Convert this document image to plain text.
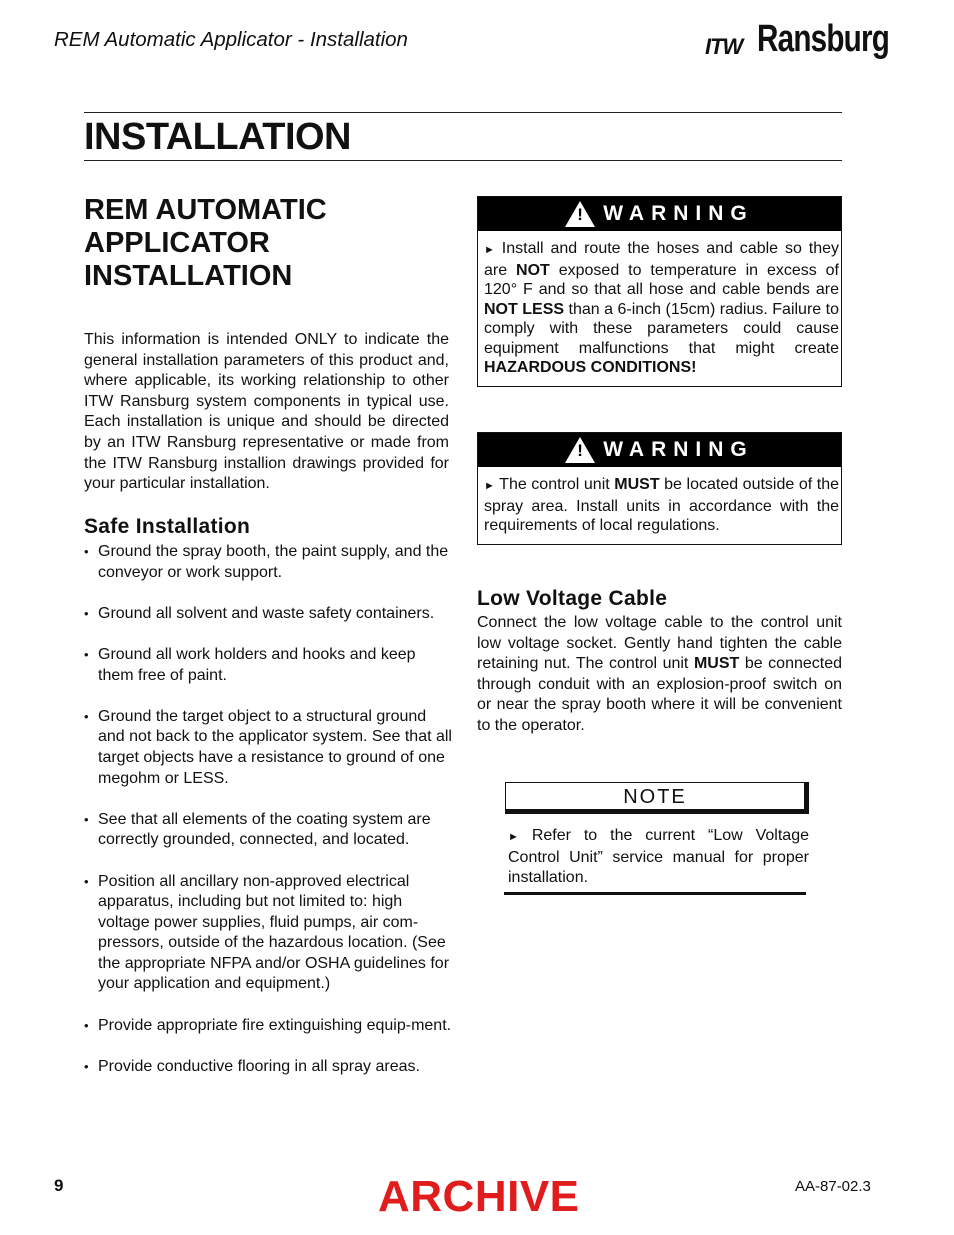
REM Automatic Applicator - Installation	ITW Ransburg
INSTALLATION
REM AUTOMATIC APPLICATOR INSTALLATION
This information is intended ONLY to indicate the general installation parameters of this product and, where applicable, its working relationship to other ITW Ransburg system components in typical use. Each installation is unique and should be directed by an ITW Ransburg representative or made from the ITW Ransburg installion drawings provided for your particular installation.
Safe Installation
• Ground the spray booth, the paint supply, and the conveyor or work support.
• Ground all solvent and waste safety containers.
• Ground all work holders and hooks and keep them free of paint.
• Ground the target object to a structural ground and not back to the applicator system. See that all target objects have a resistance to ground of one megohm or LESS.
• See that all elements of the coating system are correctly grounded, connected, and located.
• Position all ancillary non-approved electrical apparatus, including but not limited to: high voltage power supplies, fluid pumps, air com-pressors, outside of the hazardous location. (See the appropriate NFPA and/or OSHA guidelines for your application and equipment.)
• Provide appropriate fire extinguishing equip-ment.
• Provide conductive flooring in all spray areas.
! WARNING
► Install and route the hoses and cable so they are NOT exposed to temperature in excess of 120° F and so that all hose and cable bends are NOT LESS than a 6-inch (15cm) radius. Failure to comply with these parameters could cause equipment malfunctions that might create HAZARDOUS CONDITIONS!
! WARNING
► The control unit MUST be located outside of the spray area. Install units in accordance with the requirements of local regulations.
Low Voltage Cable
Connect the low voltage cable to the control unit low voltage socket. Gently hand tighten the cable retaining nut. The control unit MUST be connected through conduit with an explosion-proof switch on or near the spray booth where it will be convenient to the operator.
NOTE
► Refer to the current “Low Voltage Control Unit” service manual for proper installation.
9	ARCHIVE	AA-87-02.3
